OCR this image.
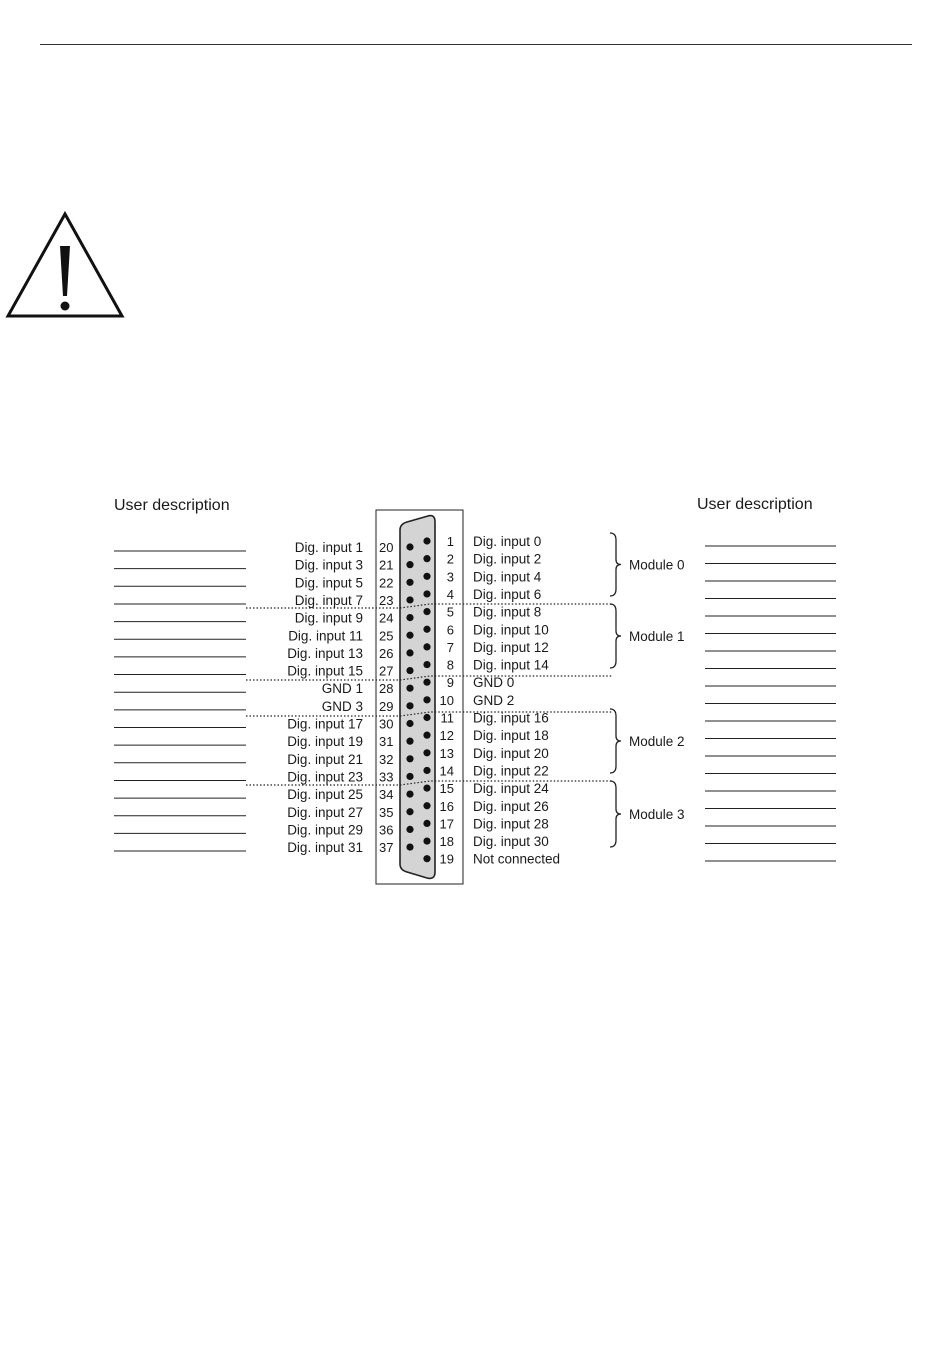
User description	User description
Dig. input 1 20
Dig. input 3 21
Dig. input 5 22
Dig. input 7 23
Dig. input 9 24
Dig. input 11 25
Dig. input 13 26
Dig. input 15 27
GND 1 28
GND 3 29
Dig. input 17 30
Dig. input 19 31
Dig. input 21 32
Dig. input 23 33
Dig. input 25 34
Dig. input 27 35
Dig. input 29 36
Dig. input 31 37
1 Dig. input 0
2 Dig. input 2
3 Dig. input 4
4 Dig. input 6
5 Dig. input 8
6 Dig. input 10
7 Dig. input 12
8 Dig. input 14
9 GND 0
10 GND 2
11 Dig. input 16
12 Dig. input 18
13 Dig. input 20
14 Dig. input 22
15 Dig. input 24
16 Dig. input 26
17 Dig. input 28
18 Dig. input 30
19 Not connected
Module 0
Module 1
Module 2
Module 3
